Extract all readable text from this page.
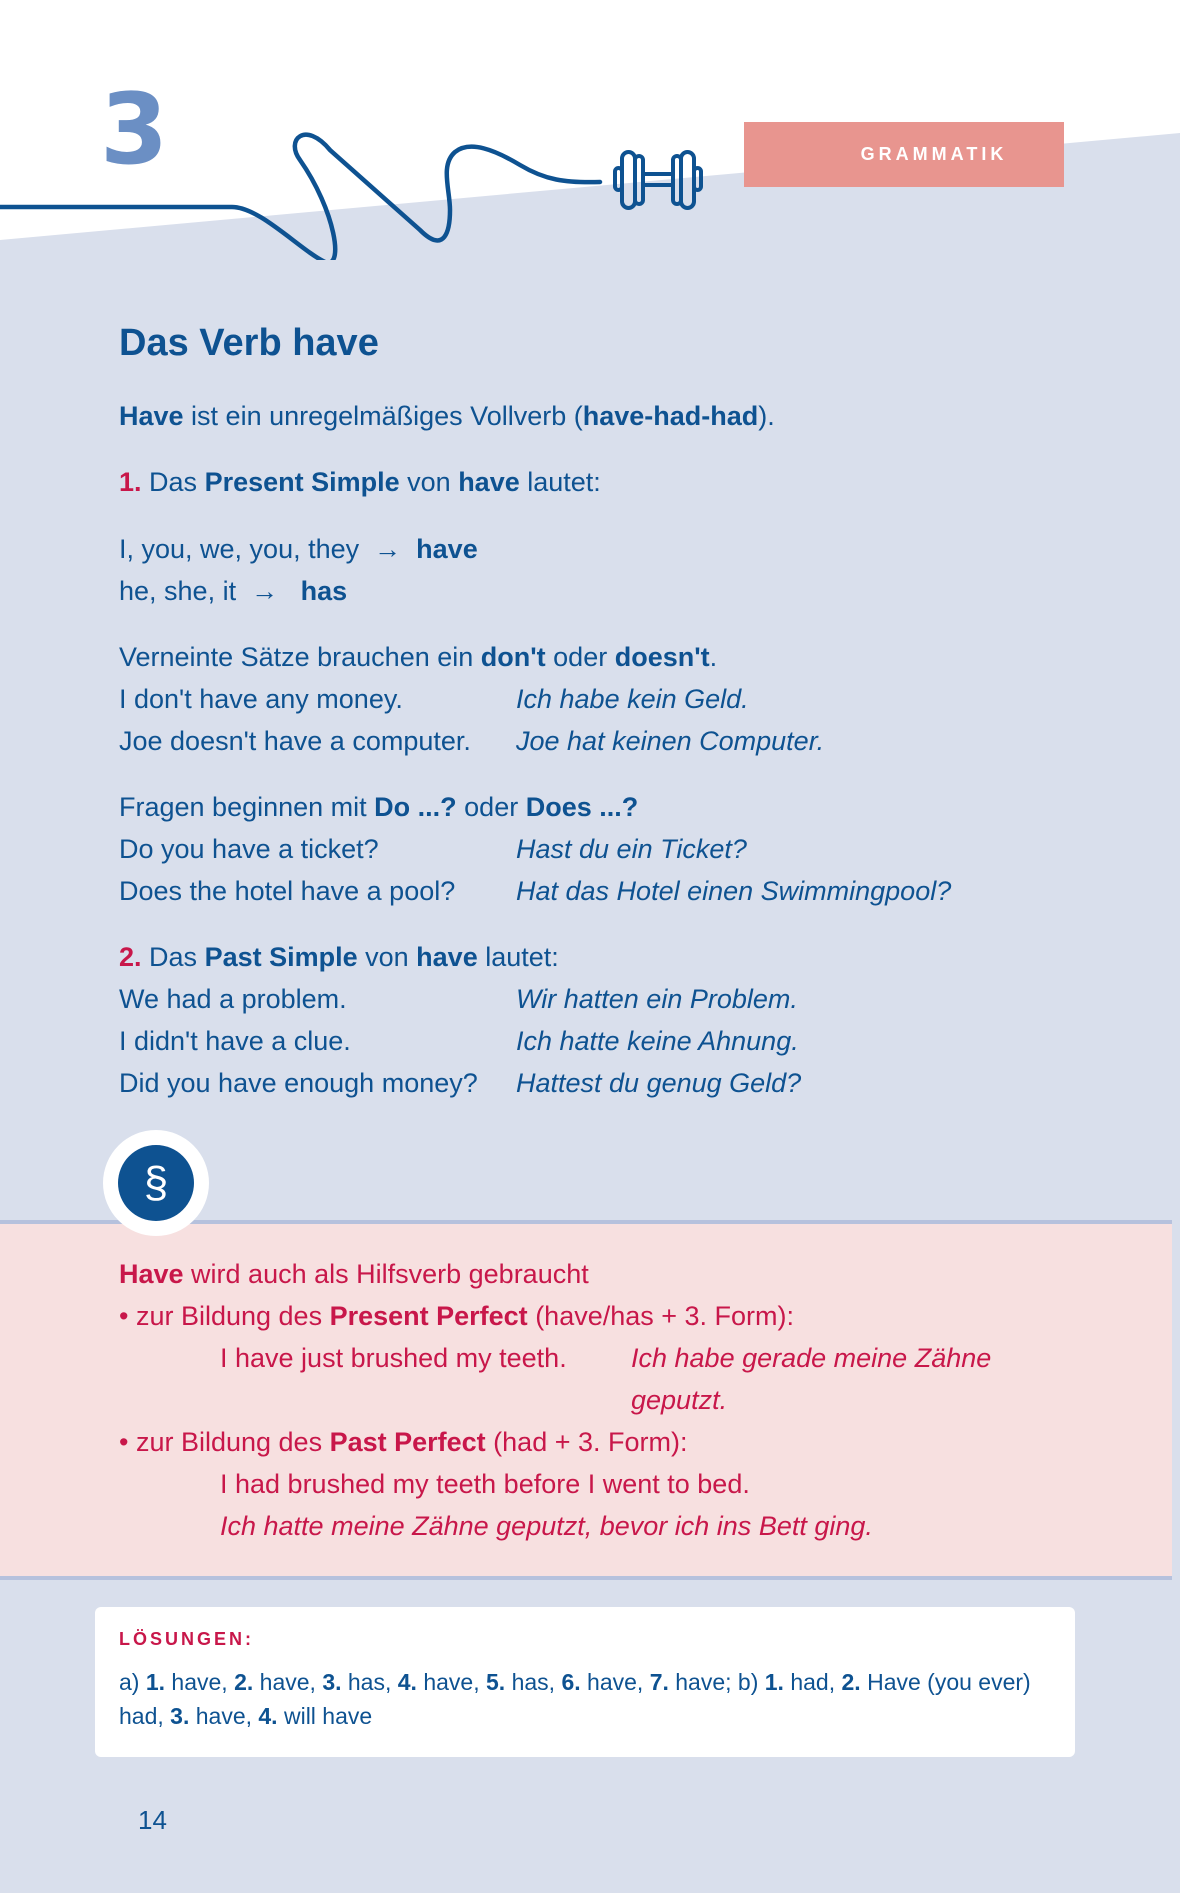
3	GRAMMATIK
Das Verb have
Have ist ein unregelmäßiges Vollverb (have-had-had).
1. Das Present Simple von have lautet:
I, you, we, you, they → have
he, she, it → has
Verneinte Sätze brauchen ein don't oder doesn't.
I don't have any money.	Ich habe kein Geld.
Joe doesn't have a computer. Joe hat keinen Computer.
Fragen beginnen mit Do ...? oder Does ...?
Do you have a ticket?	Hast du ein Ticket?
Does the hotel have a pool? Hat das Hotel einen Swimmingpool?
2. Das Past Simple von have lautet:
We had a problem.	Wir hatten ein Problem.
I didn't have a clue.	Ich hatte keine Ahnung.
Did you have enough money? Hattest du genug Geld?
§
Have wird auch als Hilfsverb gebraucht
• zur Bildung des Present Perfect (have/has + 3. Form):
I have just brushed my teeth. Ich habe gerade meine Zähne
geputzt.
• zur Bildung des Past Perfect (had + 3. Form):
I had brushed my teeth before I went to bed.
Ich hatte meine Zähne geputzt, bevor ich ins Bett ging.
LÖSUNGEN:
a) 1. have, 2. have, 3. has, 4. have, 5. has, 6. have, 7. have; b) 1. had, 2. Have (you ever) had, 3. have, 4. will have
14
